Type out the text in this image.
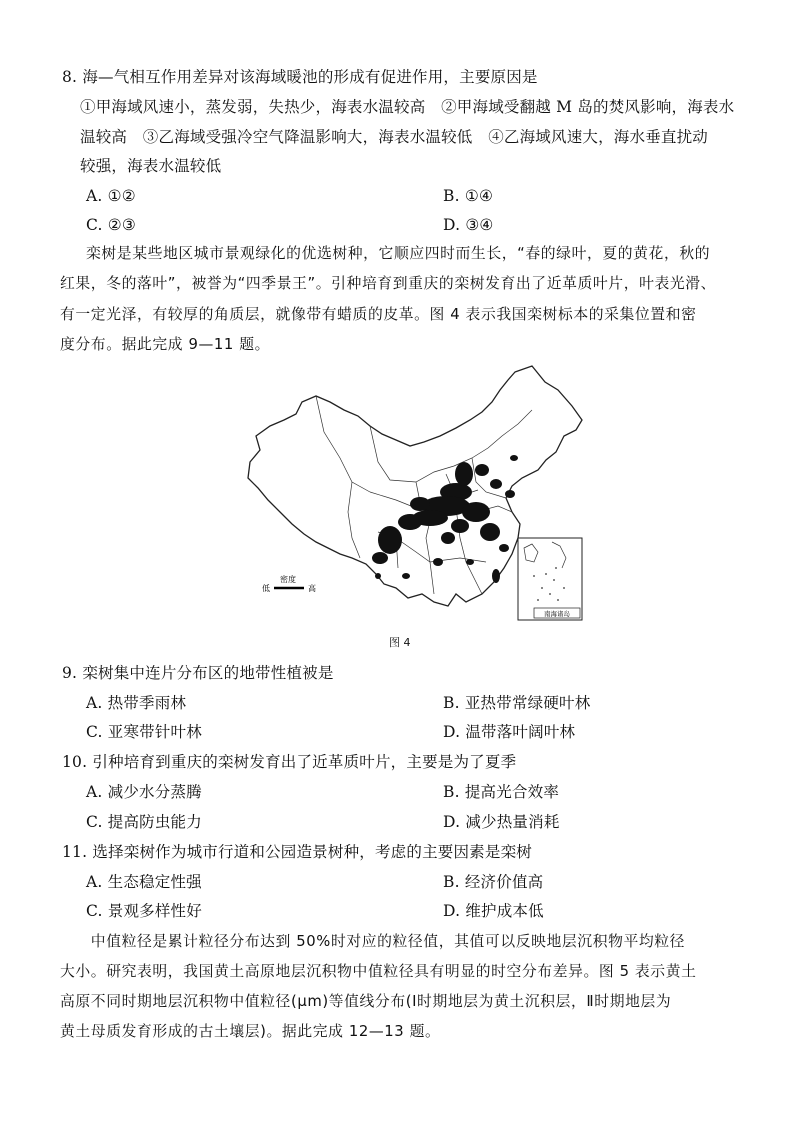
8. 海—气相互作用差异对该海域暖池的形成有促进作用，主要原因是
①甲海域风速小，蒸发弱，失热少，海表水温较高　②甲海域受翻越 M 岛的焚风影响，海表水
温较高　③乙海域受强冷空气降温影响大，海表水温较低　④乙海域风速大，海水垂直扰动
较强，海表水温较低
A. ①②	B. ①④
C. ②③	D. ③④
栾树是某些地区城市景观绿化的优选树种，它顺应四时而生长，“春的绿叶，夏的黄花，秋的
红果，冬的落叶”，被誉为“四季景王”。引种培育到重庆的栾树发育出了近革质叶片，叶表光滑、
有一定光泽，有较厚的角质层，就像带有蜡质的皮革。图 4 表示我国栾树标本的采集位置和密
度分布。据此完成 9—11 题。
密度
低	高
南海诸岛
图 4
9. 栾树集中连片分布区的地带性植被是
A. 热带季雨林	B. 亚热带常绿硬叶林
C. 亚寒带针叶林	D. 温带落叶阔叶林
10. 引种培育到重庆的栾树发育出了近革质叶片，主要是为了夏季
A. 减少水分蒸腾	B. 提高光合效率
C. 提高防虫能力	D. 减少热量消耗
11. 选择栾树作为城市行道和公园造景树种，考虑的主要因素是栾树
A. 生态稳定性强	B. 经济价值高
C. 景观多样性好	D. 维护成本低
　　中值粒径是累计粒径分布达到 50%时对应的粒径值，其值可以反映地层沉积物平均粒径
大小。研究表明，我国黄土高原地层沉积物中值粒径具有明显的时空分布差异。图 5 表示黄土
高原不同时期地层沉积物中值粒径(μm)等值线分布(Ⅰ时期地层为黄土沉积层，Ⅱ时期地层为
黄土母质发育形成的古土壤层)。据此完成 12—13 题。
